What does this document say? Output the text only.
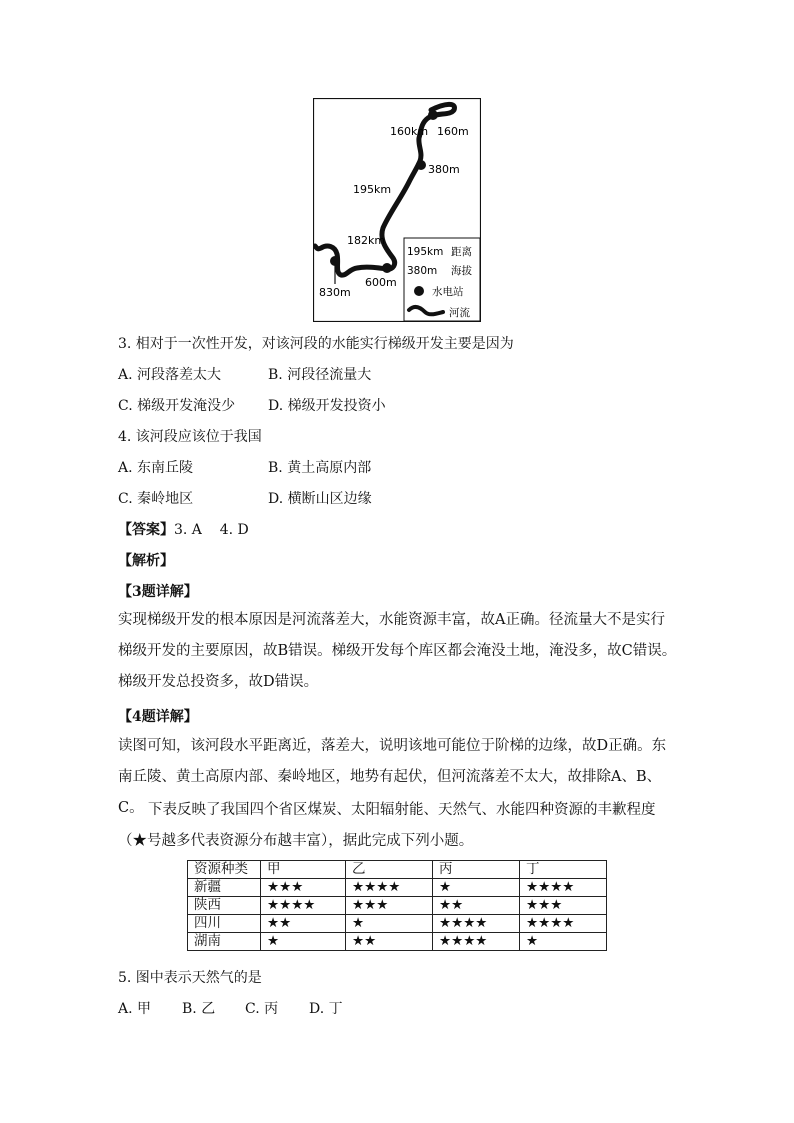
160km 160m
380m
195km
182km
830m
600m
195km 距离
380m 海拔
水电站
河流
3. 相对于一次性开发，对该河段的水能实行梯级开发主要是因为
A. 河段落差太大	B. 河段径流量大
C. 梯级开发淹没少 D. 梯级开发投资小
4. 该河段应该位于我国
A. 东南丘陵	B. 黄土高原内部
C. 秦岭地区	D. 横断山区边缘
【答案】3. A    4. D
【解析】
【3题详解】
实现梯级开发的根本原因是河流落差大，水能资源丰富，故A正确。径流量大不是实行梯级开发的主要原因，故B错误。梯级开发每个库区都会淹没土地，淹没多，故C错误。梯级开发总投资多，故D错误。
【4题详解】
读图可知，该河段水平距离近，落差大，说明该地可能位于阶梯的边缘，故D正确。东南丘陵、黄土高原内部、秦岭地区，地势有起伏，但河流落差不太大，故排除A、B、C。 下表反映了我国四个省区煤炭、太阳辐射能、天然气、水能四种资源的丰歉程度（★号越多代表资源分布越丰富），据此完成下列小题。
资源种类	甲	乙	丙	丁
新疆	★★★	★★★★	★	★★★★
陕西	★★★★	★★★	★★	★★★
四川	★★	★	★★★★	★★★★
湖南	★	★★	★★★★	★
5. 图中表示天然气的是
A. 甲 B. 乙 C. 丙 D. 丁
